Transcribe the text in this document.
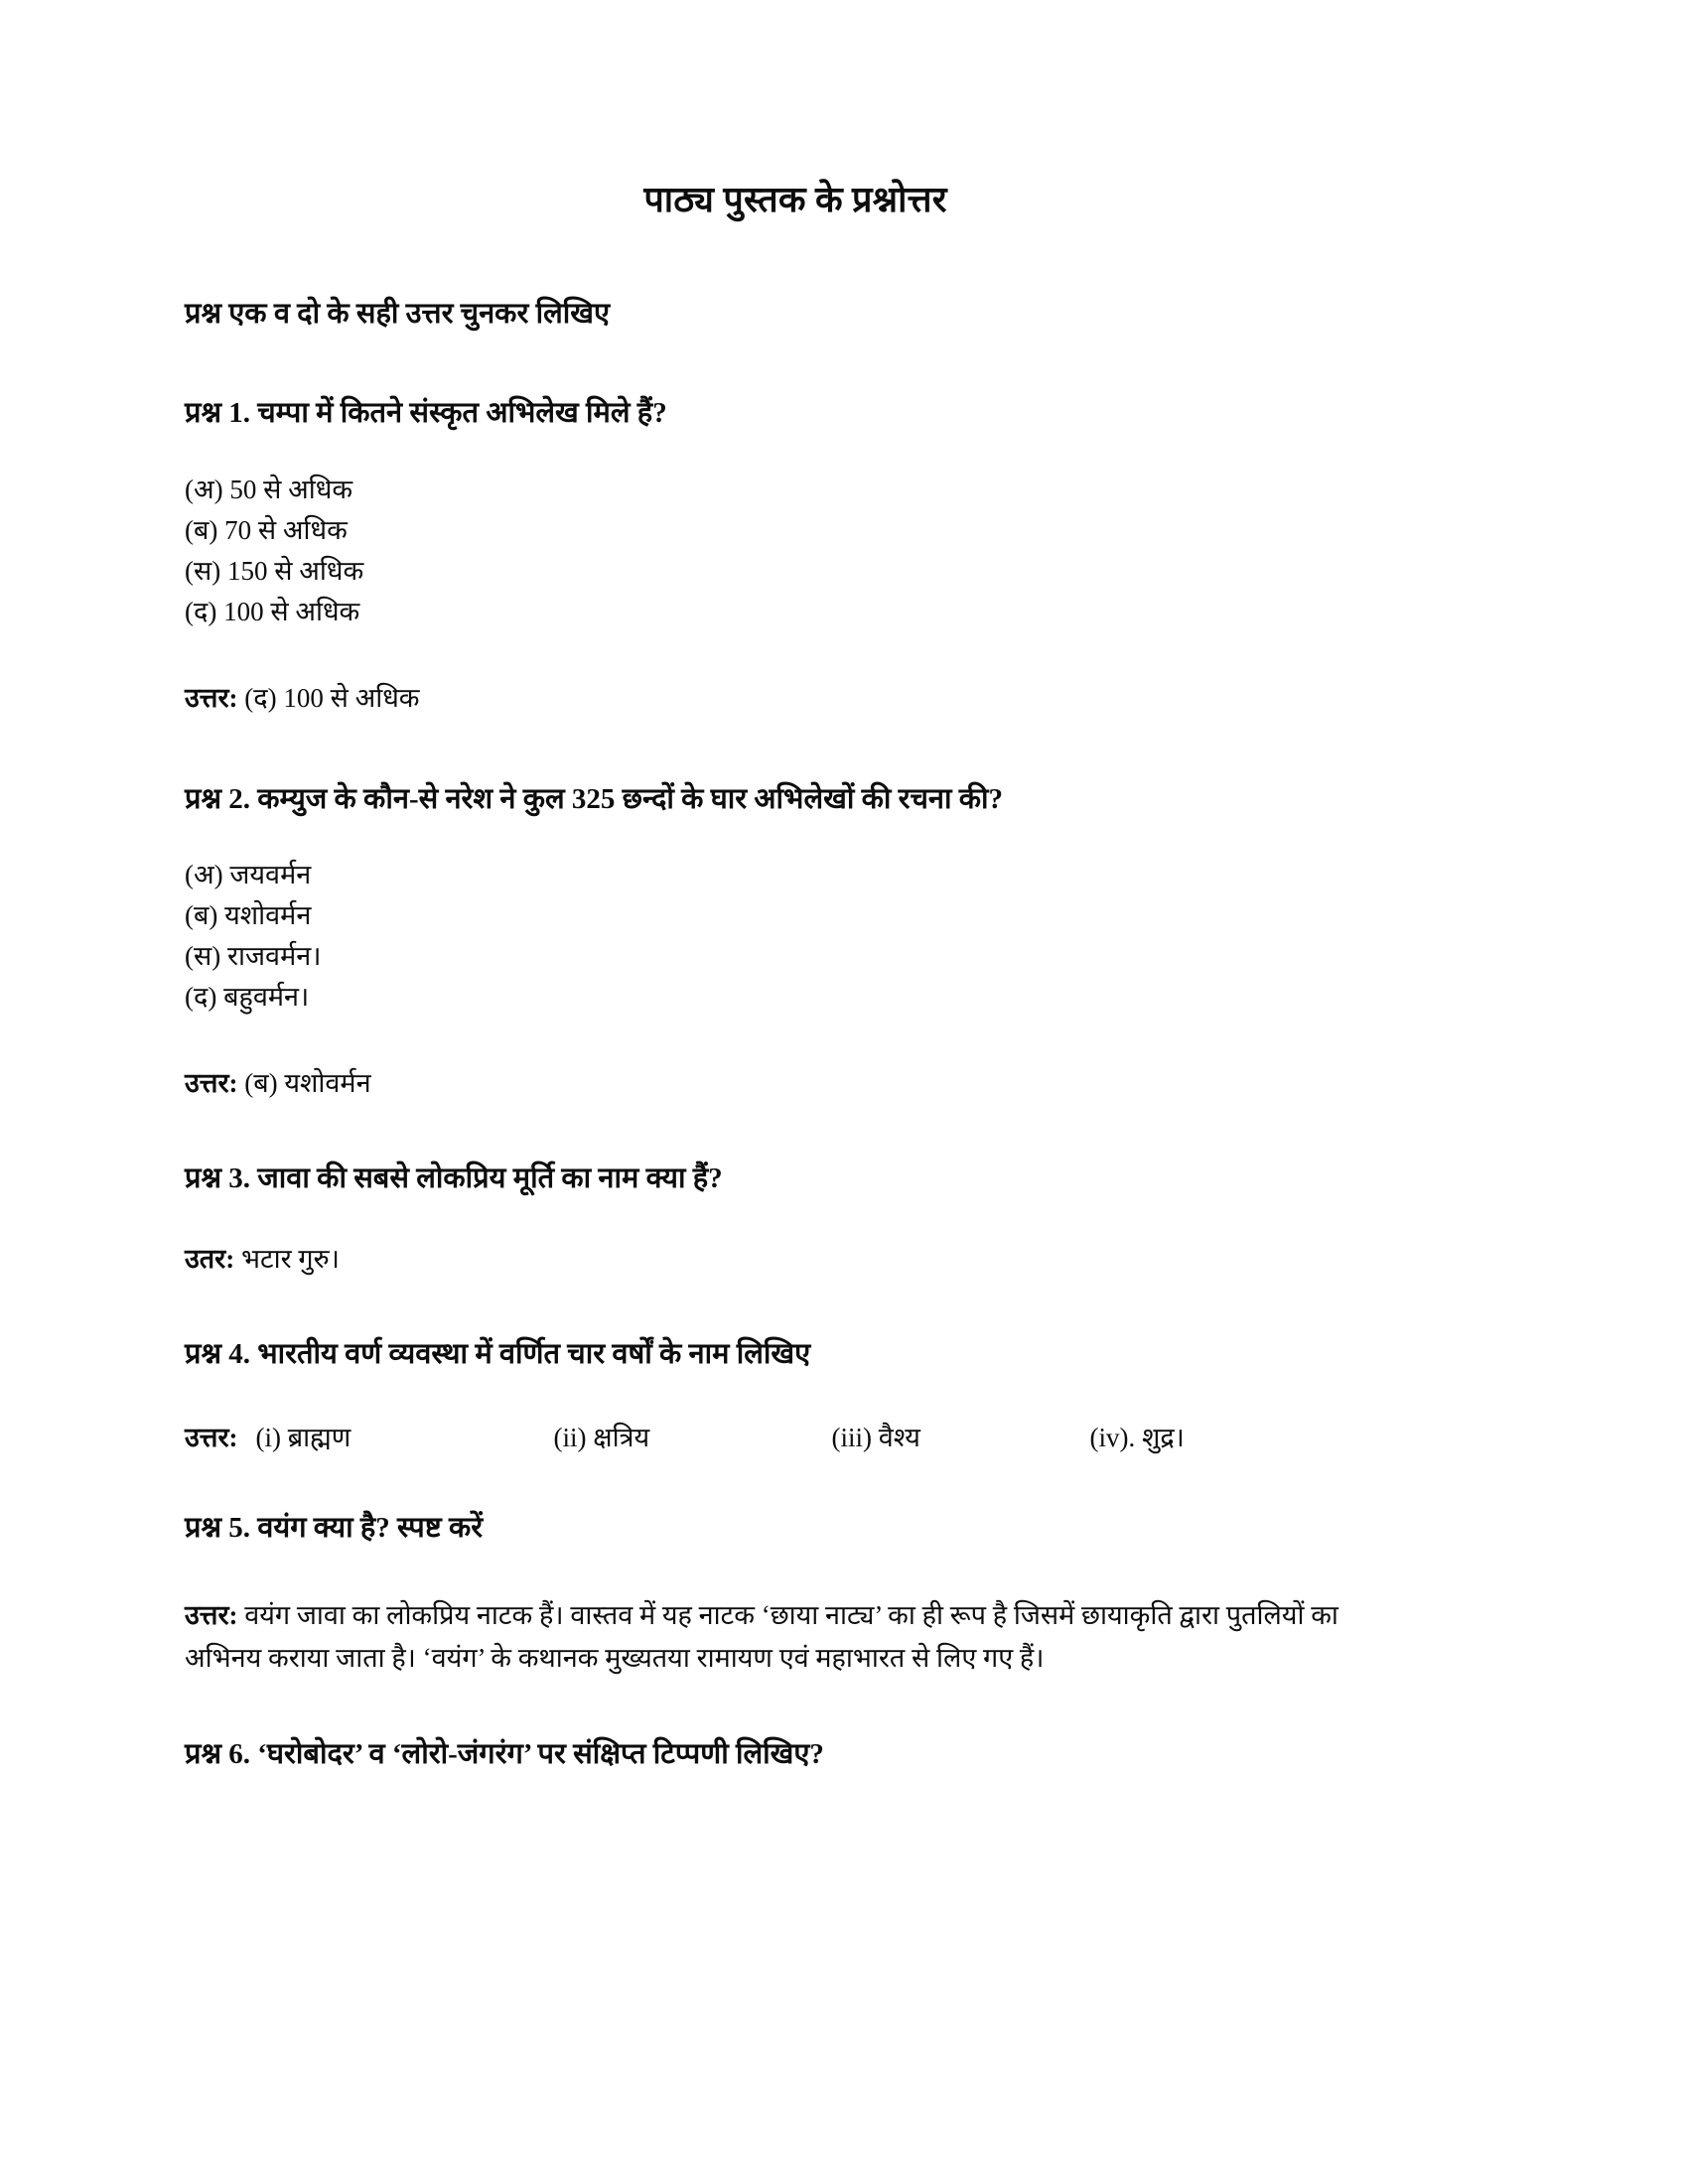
पाठ्य पुस्तक के प्रश्नोत्तर
प्रश्न एक व दो के सही उत्तर चुनकर लिखिए

प्रश्न 1. चम्पा में कितने संस्कृत अभिलेख मिले हैं?

(अ) 50 से अधिक
(ब) 70 से अधिक
(स) 150 से अधिक
(द) 100 से अधिक

उत्तर: (द) 100 से अधिक

प्रश्न 2. कम्युज के कौन-से नरेश ने कुल 325 छन्दों के घार अभिलेखों की रचना की?

(अ) जयवर्मन
(ब) यशोवर्मन
(स) राजवर्मन।
(द) बहुवर्मन।

उत्तर: (ब) यशोवर्मन

प्रश्न 3. जावा की सबसे लोकप्रिय मूर्ति का नाम क्या हैं?

उतर: भटार गुरु।

प्रश्न 4. भारतीय वर्ण व्यवस्था में वर्णित चार वर्षों के नाम लिखिए

उत्तर: (i) ब्राह्मण	(ii) क्षत्रिय	(iii) वैश्य	(iv). शुद्र।

प्रश्न 5. वयंग क्या है? स्पष्ट करें

उत्तर: वयंग जावा का लोकप्रिय नाटक हैं। वास्तव में यह नाटक ‘छाया नाट्य’ का ही रूप है जिसमें छायाकृति द्वारा पुतलियों का अभिनय कराया जाता है। ‘वयंग’ के कथानक मुख्यतया रामायण एवं महाभारत से लिए गए हैं।

प्रश्न 6. ‘घरोबोदर’ व ‘लोरो-जंगरंग’ पर संक्षिप्त टिप्पणी लिखिए?
